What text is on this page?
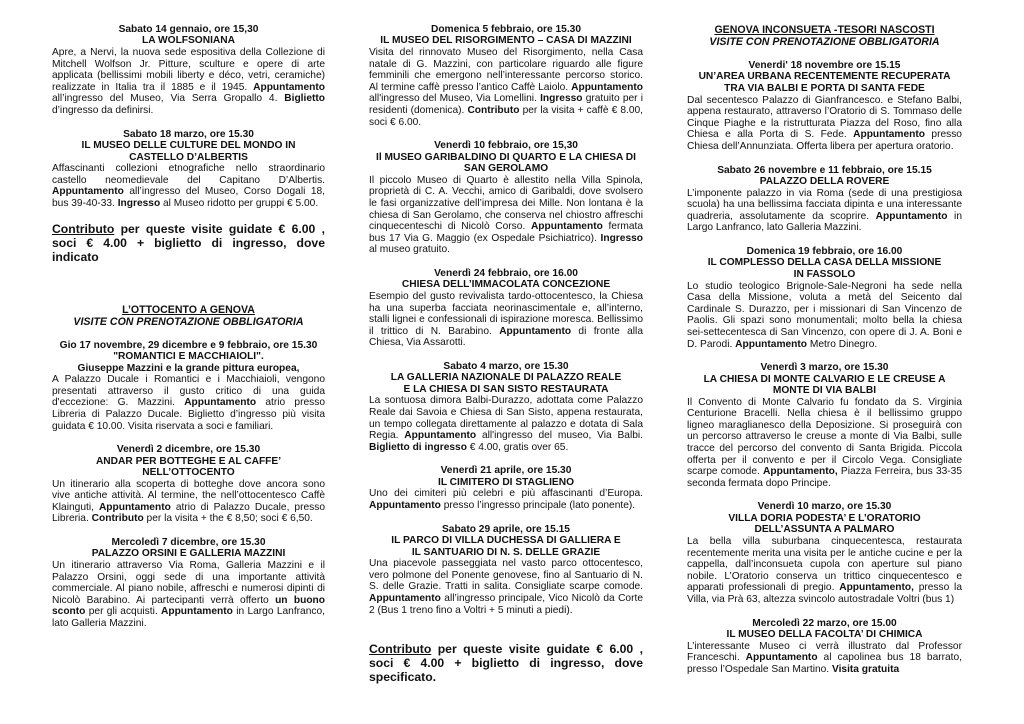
Sabato 14 gennaio, ore 15,30
LA WOLFSONIANA
Apre, a Nervi, la nuova sede espositiva della Collezione di Mitchell Wolfson Jr. Pitture, sculture e opere di arte applicata (bellissimi mobili liberty e déco, vetri, ceramiche) realizzate in Italia tra il 1885 e il 1945. Appuntamento all’ingresso del Museo, Via Serra Gropallo 4. Biglietto d’ingresso da definirsi.
Sabato 18 marzo, ore 15.30
IL MUSEO DELLE CULTURE DEL MONDO IN
CASTELLO D’ALBERTIS
Affascinanti collezioni etnografiche nello straordinario castello neomedievale del Capitano D’Albertis. Appuntamento all’ingresso del Museo, Corso Dogali 18, bus 39-40-33. Ingresso al Museo ridotto per gruppi € 5.00.
Contributo per queste visite guidate € 6.00 , soci € 4.00 + biglietto di ingresso, dove indicato
L’OTTOCENTO A GENOVA
VISITE CON PRENOTAZIONE OBBLIGATORIA
Gio 17 novembre, 29 dicembre e 9 febbraio, ore 15.30
"ROMANTICI E MACCHIAIOLI".
Giuseppe Mazzini e la grande pittura europea,
A Palazzo Ducale i Romantici e i Macchiaioli, vengono presentati attraverso il gusto critico di una guida d'eccezione: G. Mazzini. Appuntamento atrio presso Libreria di Palazzo Ducale. Biglietto d’ingresso più visita guidata € 10.00. Visita riservata a soci e familiari.
Venerdì 2 dicembre, ore 15.30
ANDAR PER BOTTEGHE E AL CAFFE’
NELL’OTTOCENTO
Un itinerario alla scoperta di botteghe dove ancora sono vive antiche attività. Al termine, the nell’ottocentesco Caffè Klainguti, Appuntamento atrio di Palazzo Ducale, presso Libreria. Contributo per la visita + the € 8,50; soci € 6,50.
Mercoledì 7 dicembre, ore 15.30
PALAZZO ORSINI E GALLERIA MAZZINI
Un itinerario attraverso Via Roma, Galleria Mazzini e il Palazzo Orsini, oggi sede di una importante attività commerciale. Al piano nobile, affreschi e numerosi dipinti di Nicolò Barabino. Ai partecipanti verrà offerto un buono sconto per gli acquisti. Appuntamento in Largo Lanfranco, lato Galleria Mazzini.
Domenica 5 febbraio, ore 15.30
IL MUSEO DEL RISORGIMENTO – CASA DI MAZZINI
Visita del rinnovato Museo del Risorgimento, nella Casa natale di G. Mazzini, con particolare riguardo alle figure femminili che emergono nell’interessante percorso storico. Al termine caffè presso l’antico Caffè Laiolo. Appuntamento all'ingresso del Museo, Via Lomellini. Ingresso gratuito per i residenti (domenica). Contributo per la visita + caffè € 8.00, soci € 6.00.
Venerdì 10 febbraio, ore 15,30
Il MUSEO GARIBALDINO DI QUARTO E LA CHIESA DI
SAN GEROLAMO
Il piccolo Museo di Quarto è allestito nella Villa Spinola, proprietà di C. A. Vecchi, amico di Garibaldi, dove svolsero le fasi organizzative dell’impresa dei Mille. Non lontana è la chiesa di San Gerolamo, che conserva nel chiostro affreschi cinquecenteschi di Nicolò Corso. Appuntamento fermata bus 17 Via G. Maggio (ex Ospedale Psichiatrico). Ingresso al museo gratuito.
Venerdì 24 febbraio, ore 16.00
CHIESA DELL’IMMACOLATA CONCEZIONE
Esempio del gusto revivalista tardo-ottocentesco, la Chiesa ha una superba facciata neorinascimentale e, all’interno, stalli lignei e confessionali di ispirazione moresca. Bellissimo il trittico di N. Barabino. Appuntamento di fronte alla Chiesa, Via Assarotti.
Sabato 4 marzo, ore 15.30
LA GALLERIA NAZIONALE DI PALAZZO REALE
E LA CHIESA DI SAN SISTO RESTAURATA
La sontuosa dimora Balbi-Durazzo, adottata come Palazzo Reale dai Savoia e Chiesa di San Sisto, appena restaurata, un tempo collegata direttamente al palazzo e dotata di Sala Regia. Appuntamento all'ingresso del museo, Via Balbi. Biglietto di ingresso € 4.00, gratis over 65.
Venerdì 21 aprile, ore 15.30
IL CIMITERO DI STAGLIENO
Uno dei cimiteri più celebri e più affascinanti d’Europa. Appuntamento presso l’ingresso principale (lato ponente).
Sabato 29 aprile, ore 15.15
IL PARCO DI VILLA DUCHESSA DI GALLIERA E
IL SANTUARIO DI N. S. DELLE GRAZIE
Una piacevole passeggiata nel vasto parco ottocentesco, vero polmone del Ponente genovese, fino al Santuario di N. S. delle Grazie. Tratti in salita. Consigliate scarpe comode. Appuntamento all’ingresso principale, Vico Nicolò da Corte 2 (Bus 1 treno fino a Voltri + 5 minuti a piedi).
Contributo per queste visite guidate € 6.00 , soci € 4.00 + biglietto di ingresso, dove specificato.
GENOVA INCONSUETA -TESORI NASCOSTI
VISITE CON PRENOTAZIONE OBBLIGATORIA
Venerdi' 18 novembre ore 15.15
UN’AREA URBANA RECENTEMENTE RECUPERATA
TRA VIA BALBI E PORTA DI SANTA FEDE
Dal secentesco Palazzo di Gianfrancesco. e Stefano Balbi, appena restaurato, attraverso l’Oratorio di S. Tommaso delle Cinque Piaghe e la ristrutturata Piazza del Roso, fino alla Chiesa e alla Porta di S. Fede. Appuntamento presso Chiesa dell’Annunziata. Offerta libera per apertura oratorio.
Sabato 26 novembre e 11 febbraio, ore 15.15
PALAZZO DELLA ROVERE
L’imponente palazzo in via Roma (sede di una prestigiosa scuola) ha una bellissima facciata dipinta e una interessante quadreria, assolutamente da scoprire. Appuntamento in Largo Lanfranco, lato Galleria Mazzini.
Domenica 19 febbraio, ore 16.00
IL COMPLESSO DELLA CASA DELLA MISSIONE
IN FASSOLO
Lo studio teologico Brignole-Sale-Negroni ha sede nella Casa della Missione, voluta a metà del Seicento dal Cardinale S. Durazzo, per i missionari di San Vincenzo de Paolis. Gli spazi sono monumentali; molto bella la chiesa sei-settecentesca di San Vincenzo, con opere di J. A. Boni e D. Parodi. Appuntamento Metro Dinegro.
Venerdì 3 marzo, ore 15.30
LA CHIESA DI MONTE CALVARIO E LE CREUSE A
MONTE DI VIA BALBI
Il Convento di Monte Calvario fu fondato da S. Virginia Centurione Bracelli. Nella chiesa è il bellissimo gruppo ligneo maraglianesco della Deposizione. Si proseguirà con un percorso attraverso le creuse a monte di Via Balbi, sulle tracce del percorso del convento di Santa Brigida. Piccola offerta per il convento e per il Circolo Vega. Consigliate scarpe comode. Appuntamento, Piazza Ferreira, bus 33-35 seconda fermata dopo Principe.
Venerdì 10 marzo, ore 15.30
VILLA DORIA PODESTA’ E L’ORATORIO
DELL’ASSUNTA A PALMARO
La bella villa suburbana cinquecentesca, restaurata recentemente merita una visita per le antiche cucine e per la cappella, dall’inconsueta cupola con aperture sul piano nobile. L’Oratorio conserva un trittico cinquecentesco e apparati professionali di pregio. Appuntamento, presso la Villa, via Prà 63, altezza svincolo autostradale Voltri (bus 1)
Mercoledì 22 marzo, ore 15.00
IL MUSEO DELLA FACOLTA’ DI CHIMICA
L’interessante Museo ci verrà illustrato dal Professor Franceschi. Appuntamento al capolinea bus 18 barrato, presso l’Ospedale San Martino. Visita gratuita
